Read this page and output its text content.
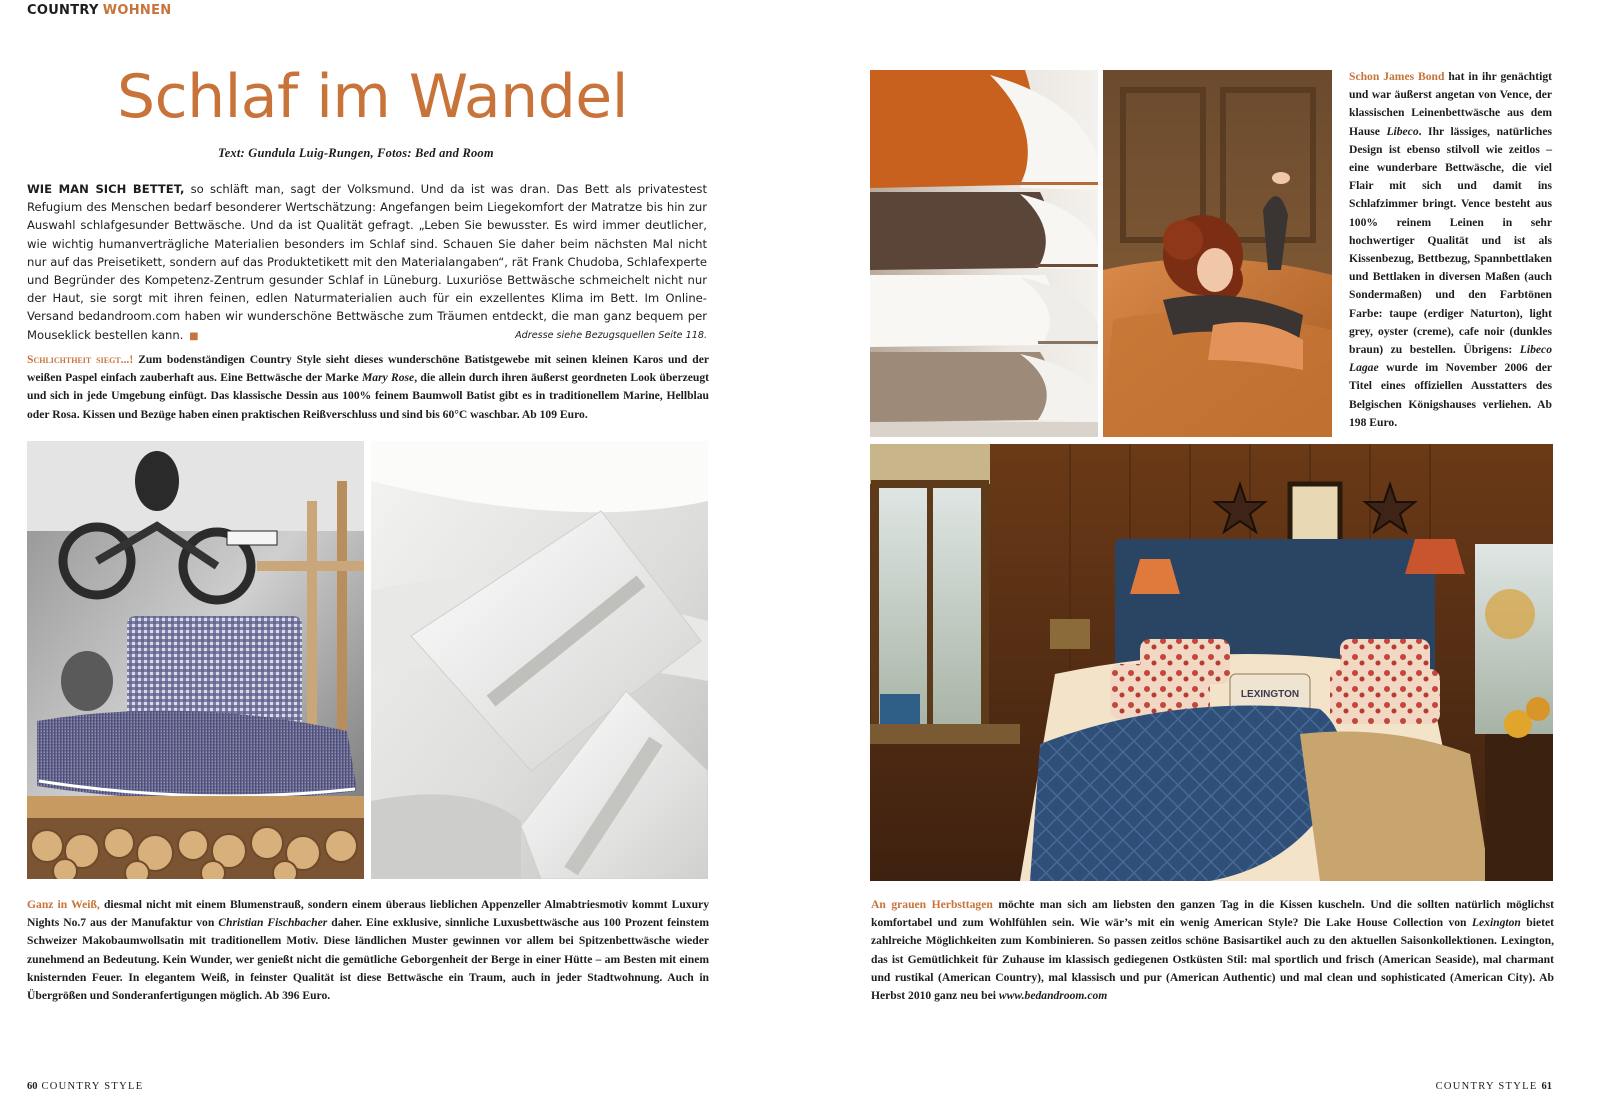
COUNTRY WOHNEN
Schlaf im Wandel

Text: Gundula Luig-Rungen, Fotos: Bed and Room

WIE MAN SICH BETTET, so schläft man, sagt der Volksmund. Und da ist was dran. Das Bett als privatestest Refugium des Menschen bedarf besonderer Wertschätzung: Angefangen beim Liegekomfort der Matratze bis hin zur Auswahl schlafgesunder Bettwäsche. Und da ist Qualität gefragt. „Leben Sie bewusster. Es wird immer deutlicher, wie wichtig humanverträgliche Materialien besonders im Schlaf sind. Schauen Sie daher beim nächsten Mal nicht nur auf das Preisetikett, sondern auf das Produktetikett mit den Materialangaben“, rät Frank Chudoba, Schlafexperte und Begründer des Kompetenz-Zentrum gesunder Schlaf in Lüneburg. Luxuriöse Bettwäsche schmeichelt nicht nur der Haut, sie sorgt mit ihren feinen, edlen Naturmaterialien auch für ein exzellentes Klima im Bett. Im Online-Versand bedandroom.com haben wir wunderschöne Bettwäsche zum Träumen entdeckt, die man ganz bequem per Mouseklick bestellen kann. ■	Adresse siehe Bezugsquellen Seite 118.

Schlichtheit siegt...! Zum bodenständigen Country Style sieht dieses wunderschöne Batistgewebe mit seinen kleinen Karos und der weißen Paspel einfach zauberhaft aus. Eine Bettwäsche der Marke Mary Rose, die allein durch ihren äußerst geordneten Look überzeugt und sich in jede Umgebung einfügt. Das klassische Dessin aus 100% feinem Baumwoll Batist gibt es in traditionellem Marine, Hellblau oder Rosa. Kissen und Bezüge haben einen praktischen Reißverschluss und sind bis 60°C waschbar. Ab 109 Euro.

Ganz in Weiß, diesmal nicht mit einem Blumenstrauß, sondern einem überaus lieblichen Appenzeller Almabtriesmotiv kommt Luxury Nights No.7 aus der Manufaktur von Christian Fischbacher daher. Eine exklusive, sinnliche Luxusbettwäsche aus 100 Prozent feinstem Schweizer Makobaumwollsatin mit traditionellem Motiv. Diese ländlichen Muster gewinnen vor allem bei Spitzenbettwäsche wieder zunehmend an Bedeutung. Kein Wunder, wer genießt nicht die gemütliche Geborgenheit der Berge in einer Hütte – am Besten mit einem knisternden Feuer. In elegantem Weiß, in feinster Qualität ist diese Bettwäsche ein Traum, auch in jeder Stadtwohnung. Auch in Übergrößen und Sonderanfertigungen möglich. Ab 396 Euro.

60 COUNTRY STYLE

Schon James Bond hat in ihr genächtigt und war äußerst angetan von Vence, der klassischen Leinenbettwäsche aus dem Hause Libeco. Ihr lässiges, natürliches Design ist ebenso stilvoll wie zeitlos – eine wunderbare Bettwäsche, die viel Flair mit sich und damit ins Schlafzimmer bringt. Vence besteht aus 100% reinem Leinen in sehr hochwertiger Qualität und ist als Kissenbezug, Bettbezug, Spannbettlaken und Bettlaken in diversen Maßen (auch Sondermaßen) und den Farbtönen Farbe: taupe (erdiger Naturton), light grey, oyster (creme), cafe noir (dunkles braun) zu bestellen. Übrigens: Libeco Lagae wurde im November 2006 der Titel eines offiziellen Ausstatters des Belgischen Königshauses verliehen. Ab 198 Euro.

LEXINGTON

An grauen Herbsttagen möchte man sich am liebsten den ganzen Tag in die Kissen kuscheln. Und die sollten natürlich möglichst komfortabel und zum Wohlfühlen sein. Wie wär’s mit ein wenig American Style? Die Lake House Collection von Lexington bietet zahlreiche Möglichkeiten zum Kombinieren. So passen zeitlos schöne Basisartikel auch zu den aktuellen Saisonkollektionen. Lexington, das ist Gemütlichkeit für Zuhause im klassisch gediegenen Ostküsten Stil: mal sportlich und frisch (American Seaside), mal charmant und rustikal (American Country), mal klassisch und pur (American Authentic) und mal clean und sophisticated (American City). Ab Herbst 2010 ganz neu bei www.bedandroom.com

COUNTRY STYLE 61
